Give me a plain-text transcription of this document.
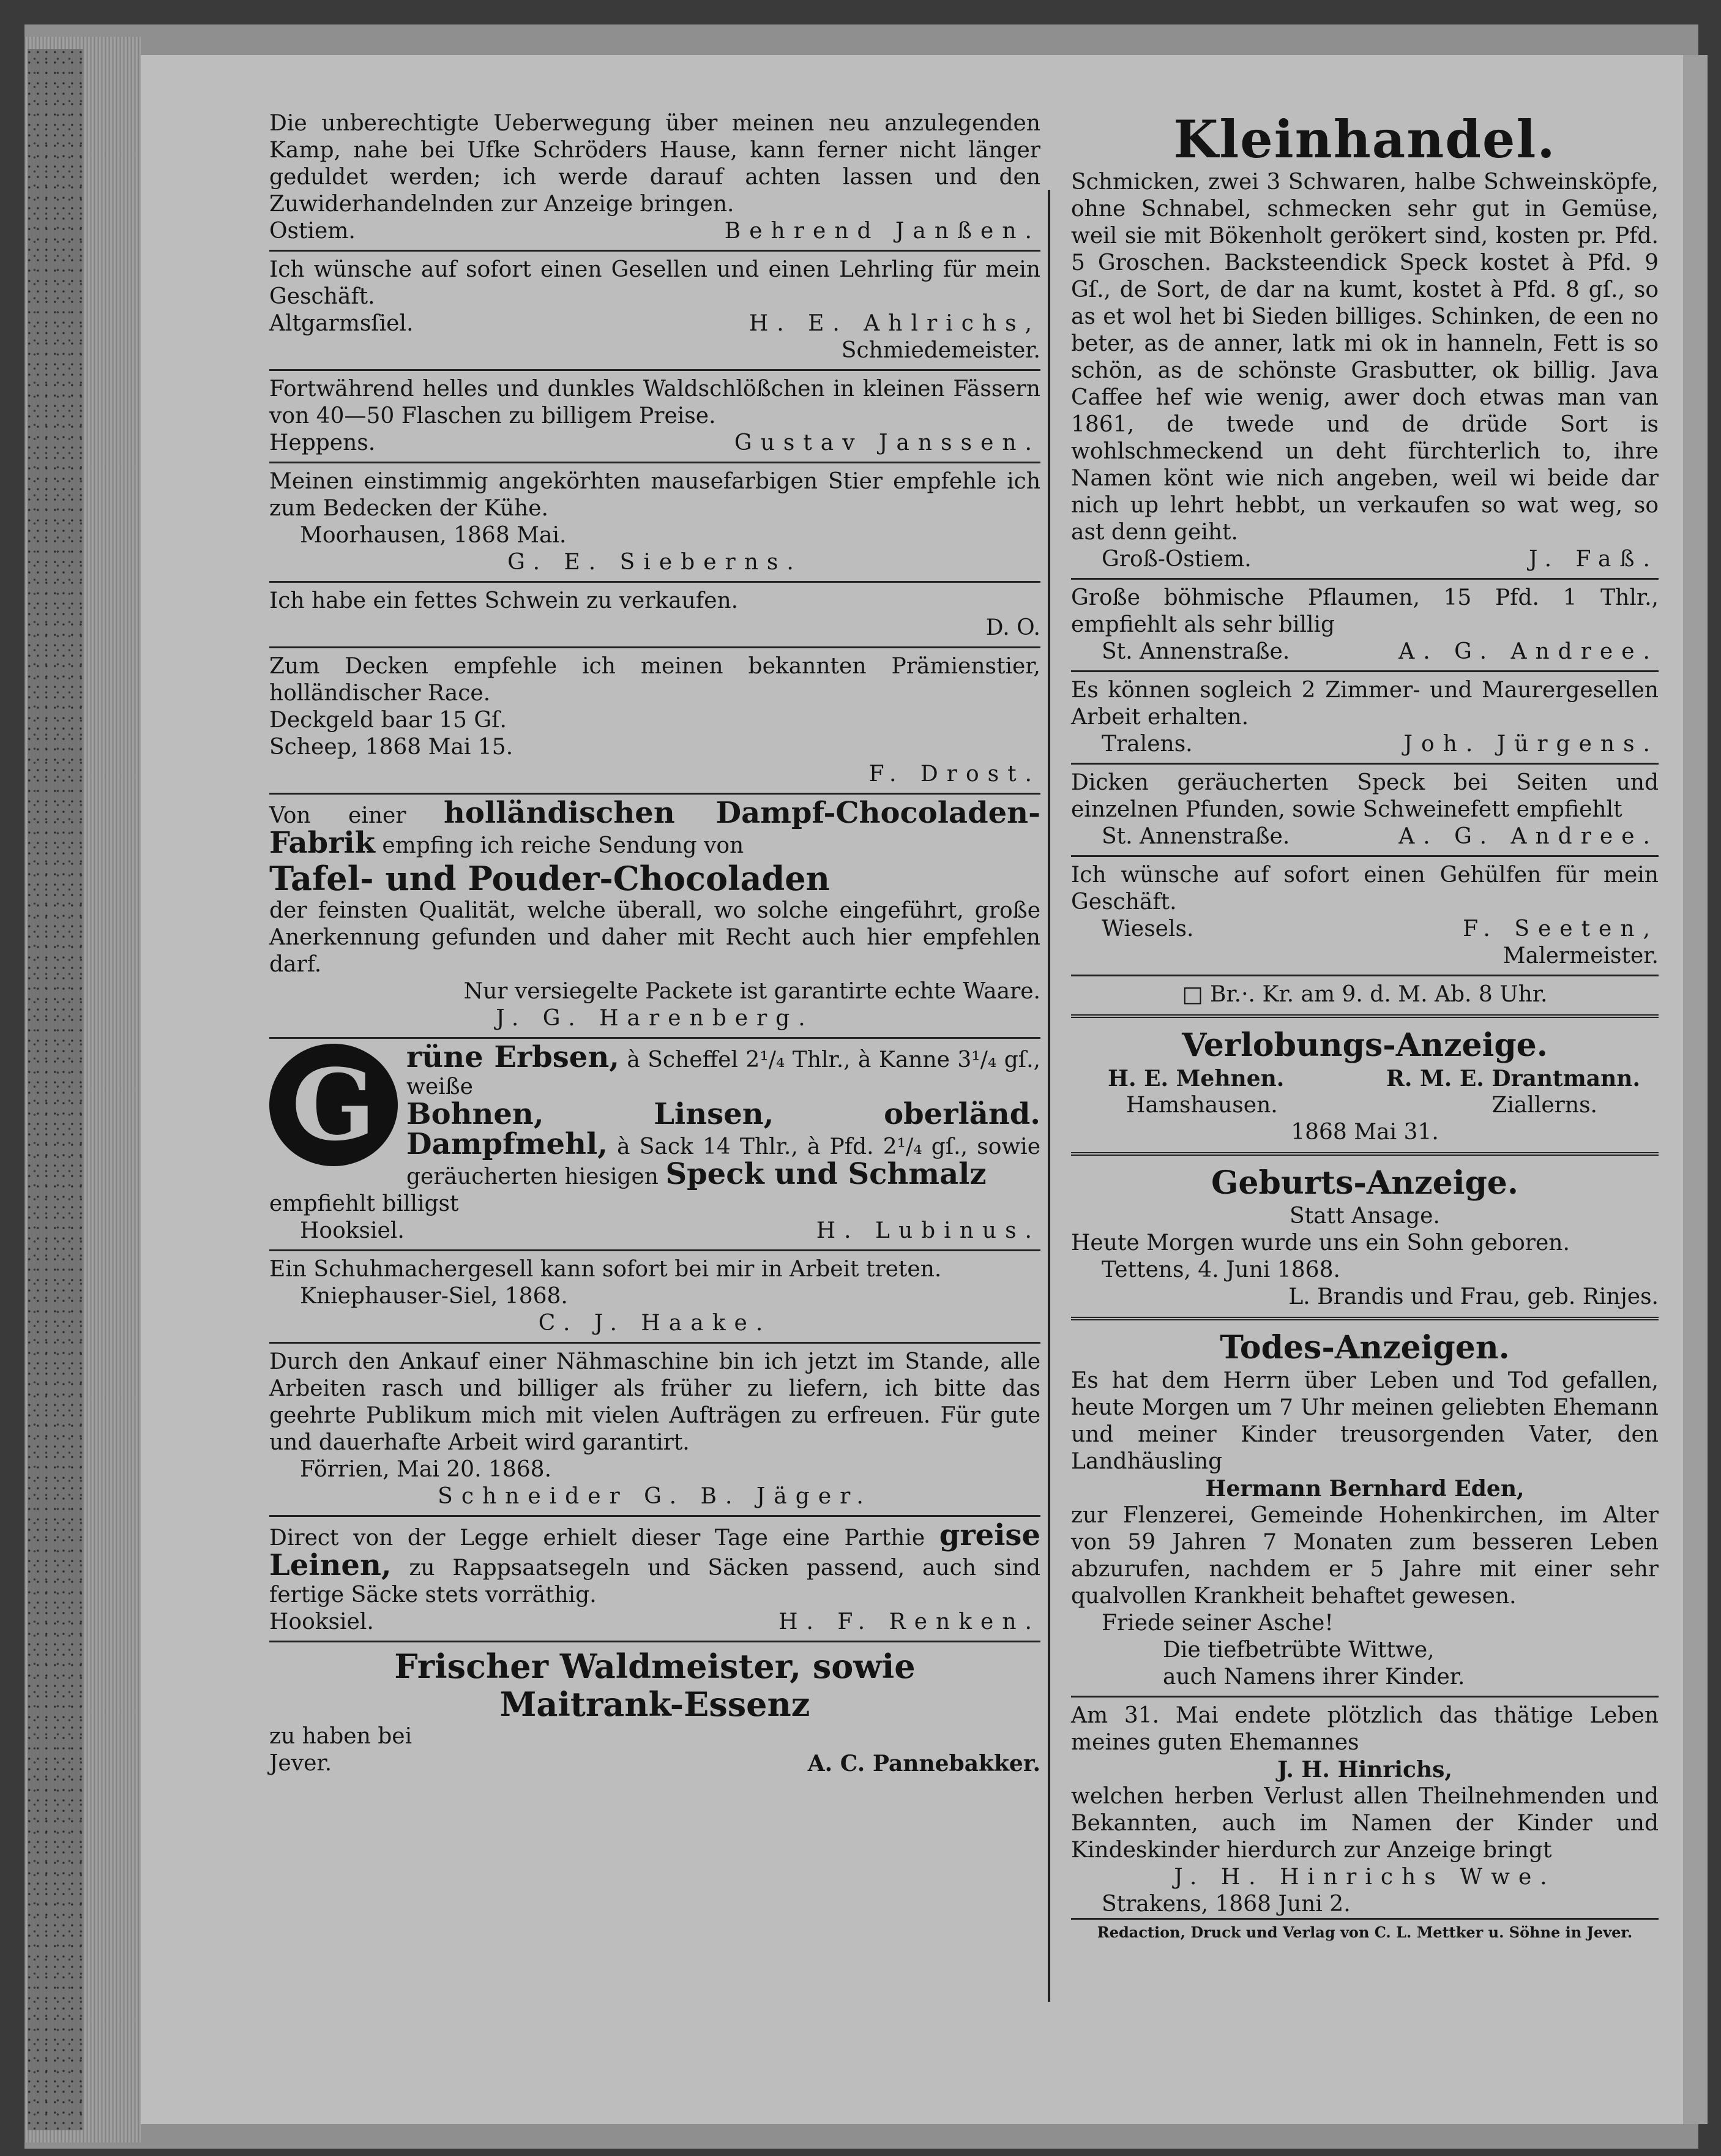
Die unberechtigte Ueberwegung über meinen neu anzulegenden Kamp, nahe bei Ufke Schröders Hause, kann ferner nicht länger geduldet werden; ich werde darauf achten lassen und den Zuwiderhandelnden zur Anzeige bringen.

Ostiem.	Behrend Janßen.

Ich wünsche auf sofort einen Gesellen und einen Lehrling für mein Geschäft.

Altgarmsſiel.	H. E. Ahlrichs,
Schmiedemeister.

Fortwährend helles und dunkles Waldschlößchen in kleinen Fässern von 40—50 Flaschen zu billigem Preise.

Heppens.	Gustav Janssen.

Meinen einstimmig angekörhten mausefarbigen Stier empfehle ich zum Bedecken der Kühe.

Moorhausen, 1868 Mai.
G. E. Sieberns.

Ich habe ein fettes Schwein zu verkaufen.

D. O.

Zum Decken empfehle ich meinen bekannten Prämienstier, holländischer Race.

Deckgeld baar 15 Gſ.
Scheep, 1868 Mai 15.
F. Drost.

Von einer holländischen Dampf-Chocoladen-Fabrik empfing ich reiche Sendung von

Tafel- und Pouder-Chocoladen

der feinsten Qualität, welche überall, wo solche eingeführt, große Anerkennung gefunden und daher mit Recht auch hier empfehlen darf.

Nur versiegelte Packete ist garantirte echte Waare.
J. G. Harenberg.
G	rüne Erbsen, à Scheffel 2¹/₄ Thlr., à Kanne 3¹/₄ gſ., weiße

Bohnen, Linsen, oberländ. Dampfmehl, à Sack 14 Thlr., à Pfd. 2¹/₄ gſ., sowie geräucherten hiesigen Speck und Schmalz

empfiehlt billigst
Hooksiel.	H. Lubinus.

Ein Schuhmachergesell kann sofort bei mir in Arbeit treten.

Kniephauser-Siel, 1868.
C. J. Haake.

Durch den Ankauf einer Nähmaschine bin ich jetzt im Stande, alle Arbeiten rasch und billiger als früher zu liefern, ich bitte das geehrte Publikum mich mit vielen Aufträgen zu erfreuen. Für gute und dauerhafte Arbeit wird garantirt.

Förrien, Mai 20. 1868.
Schneider G. B. Jäger.

Direct von der Legge erhielt dieser Tage eine Parthie greise Leinen, zu Rappsaatsegeln und Säcken passend, auch sind fertige Säcke stets vorräthig.

Hooksiel.	H. F. Renken.
Frischer Waldmeister, sowie
Maitrank-Essenz
zu haben bei
Jever.	A. C. Pannebakker.
Kleinhandel.

Schmicken, zwei 3 Schwaren, halbe Schweinsköpfe, ohne Schnabel, schmecken sehr gut in Gemüse, weil sie mit Bökenholt gerökert sind, kosten pr. Pfd. 5 Groschen. Backsteendick Speck kostet à Pfd. 9 Gſ., de Sort, de dar na kumt, kostet à Pfd. 8 gſ., so as et wol het bi Sieden billiges. Schinken, de een no beter, as de anner, latk mi ok in hanneln, Fett is so schön, as de schönste Grasbutter, ok billig. Java Caffee hef wie wenig, awer doch etwas man van 1861, de twede und de drüde Sort is wohlschmeckend un deht fürchterlich to, ihre Namen könt wie nich angeben, weil wi beide dar nich up lehrt hebbt, un verkaufen so wat weg, so ast denn geiht.

Groß-Ostiem.	J. Faß.

Große böhmische Pflaumen, 15 Pfd. 1 Thlr., empfiehlt als sehr billig

St. Annenstraße.	A. G. Andree.

Es können sogleich 2 Zimmer- und Maurergesellen Arbeit erhalten.

Tralens.	Joh. Jürgens.

Dicken geräucherten Speck bei Seiten und einzelnen Pfunden, sowie Schweinefett empfiehlt

St. Annenstraße.	A. G. Andree.

Ich wünsche auf sofort einen Gehülfen für mein Geschäft.

Wiesels.	F. Seeten,
Malermeister.
□ Br.·. Kr. am 9. d. M. Ab. 8 Uhr.
Verlobungs-Anzeige.
H. E. Mehnen.	R. M. E. Drantmann.
Hamshausen.	Ziallerns.
1868 Mai 31.
Geburts-Anzeige.
Statt Ansage.

Heute Morgen wurde uns ein Sohn geboren.

Tettens, 4. Juni 1868.
L. Brandis und Frau, geb. Rinjes.
Todes-Anzeigen.

Es hat dem Herrn über Leben und Tod gefallen, heute Morgen um 7 Uhr meinen geliebten Ehemann und meiner Kinder treusorgenden Vater, den Landhäusling

Hermann Bernhard Eden,

zur Flenzerei, Gemeinde Hohenkirchen, im Alter von 59 Jahren 7 Monaten zum besseren Leben abzurufen, nachdem er 5 Jahre mit einer sehr qualvollen Krankheit behaftet gewesen.

Friede seiner Asche!
Die tiefbetrübte Wittwe,
auch Namens ihrer Kinder.

Am 31. Mai endete plötzlich das thätige Leben meines guten Ehemannes

J. H. Hinrichs,

welchen herben Verlust allen Theilnehmenden und Bekannten, auch im Namen der Kinder und Kindeskinder hierdurch zur Anzeige bringt

J. H. Hinrichs Wwe.
Strakens, 1868 Juni 2.
Redaction, Druck und Verlag von C. L. Mettker u. Söhne in Jever.
